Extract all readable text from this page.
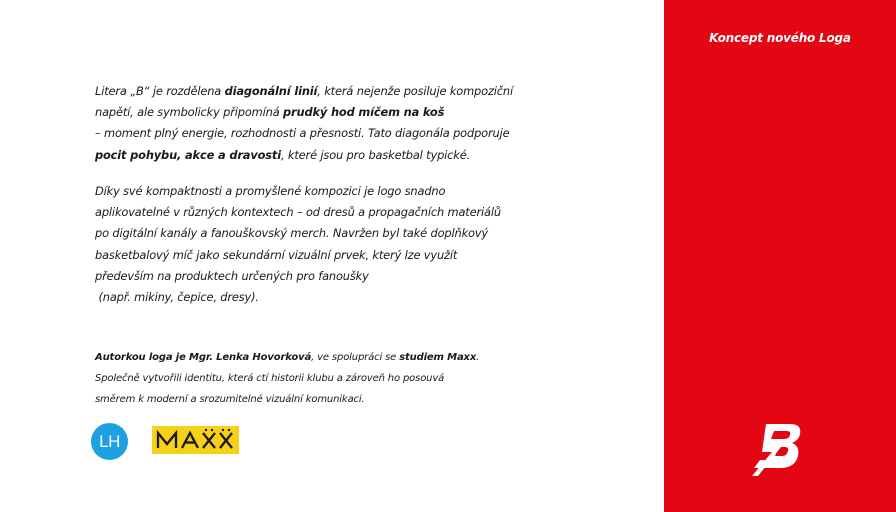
Litera „B“ je rozdělena diagonální linií, která nejenže posiluje kompoziční
napětí, ale symbolicky připomíná prudký hod míčem na koš
– moment plný energie, rozhodnosti a přesnosti. Tato diagonála podporuje
pocit pohybu, akce a dravosti, které jsou pro basketbal typické.
Díky své kompaktnosti a promyšlené kompozici je logo snadno
aplikovatelné v různých kontextech – od dresů a propagačních materiálů
po digitální kanály a fanouškovský merch. Navržen byl také doplňkový
basketbalový míč jako sekundární vizuální prvek, který lze využít
především na produktech určených pro fanoušky
(např. mikiny, čepice, dresy).
Autorkou loga je Mgr. Lenka Hovorková, ve spolupráci se studiem Maxx.
Společně vytvořili identitu, která ctí historii klubu a zároveň ho posouvá
směrem k moderní a srozumitelné vizuální komunikaci.
LH
Koncept nového Loga
